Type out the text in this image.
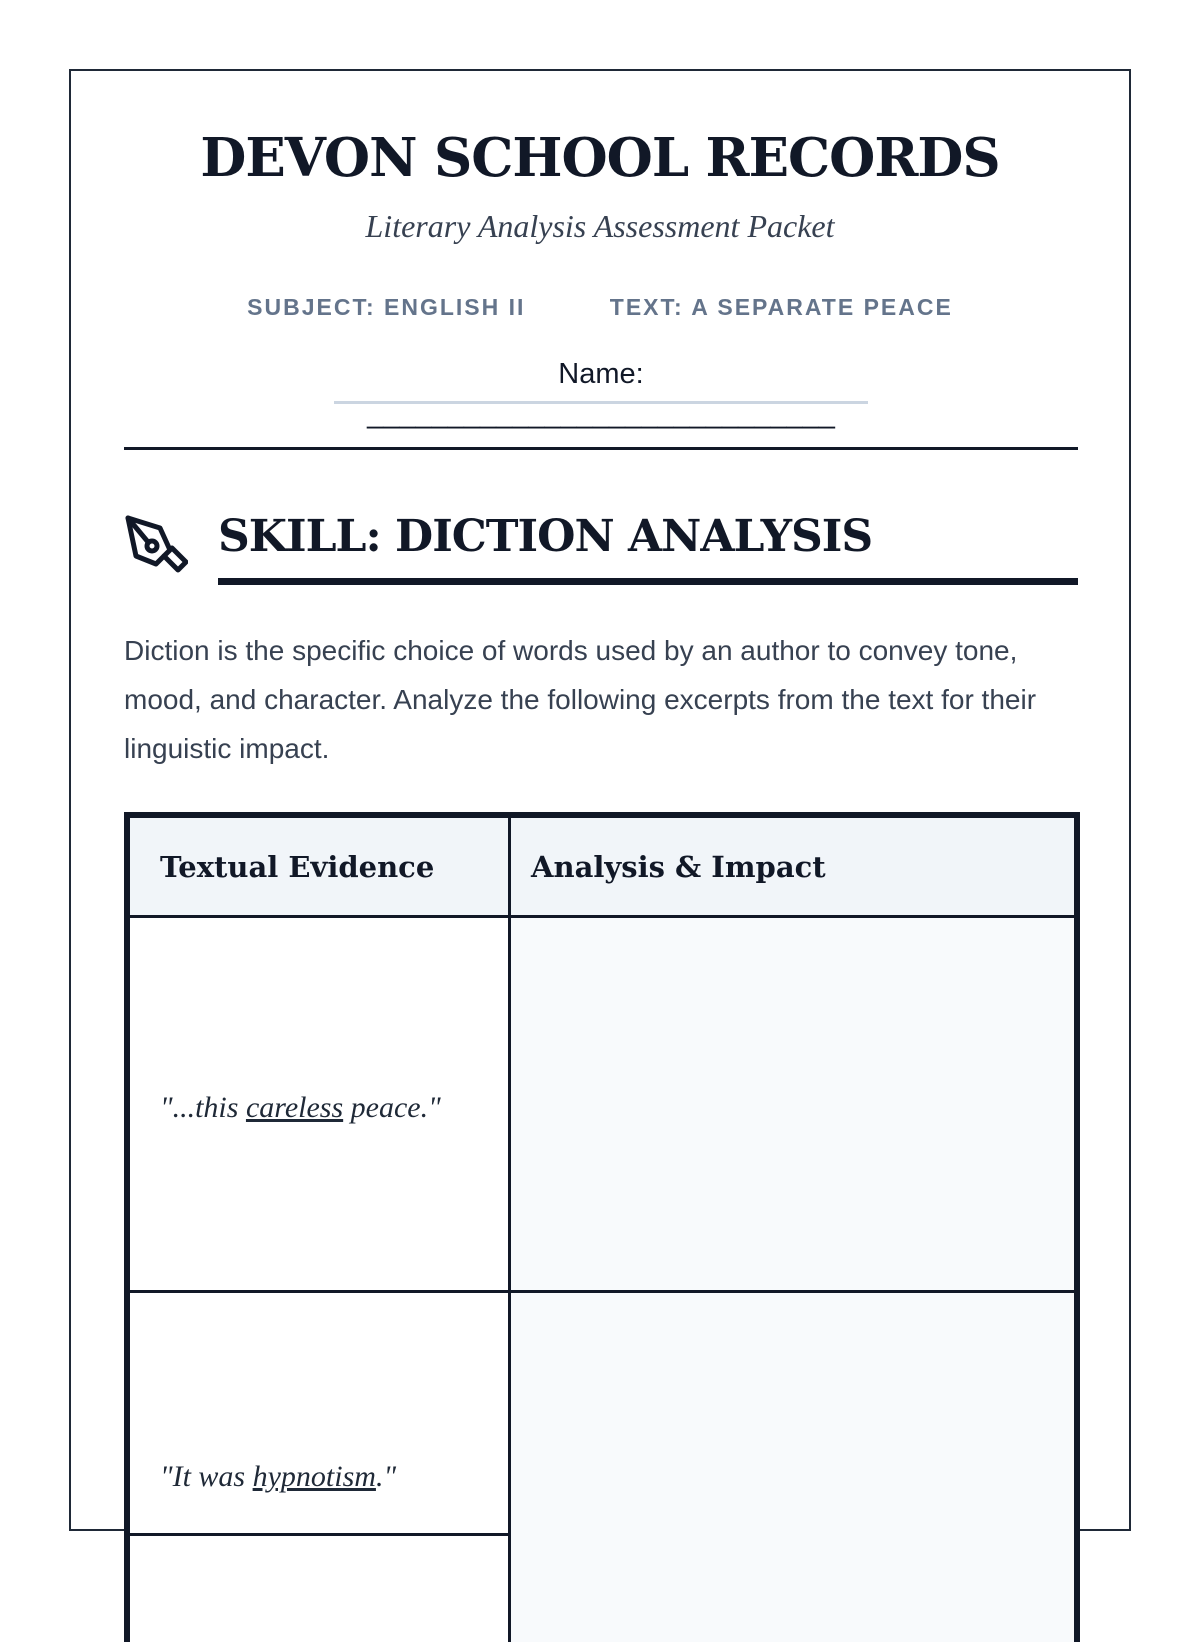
DEVON SCHOOL RECORDS
Literary Analysis Assessment Packet
SUBJECT: ENGLISH II	TEXT: A SEPARATE PEACE
Name: _____________________________
SKILL: DICTION ANALYSIS
Diction is the specific choice of words used by an author to convey tone, mood, and character. Analyze the following excerpts from the text for their linguistic impact.
Textual Evidence	Analysis & Impact
"...this careless peace."
"It was hypnotism."
